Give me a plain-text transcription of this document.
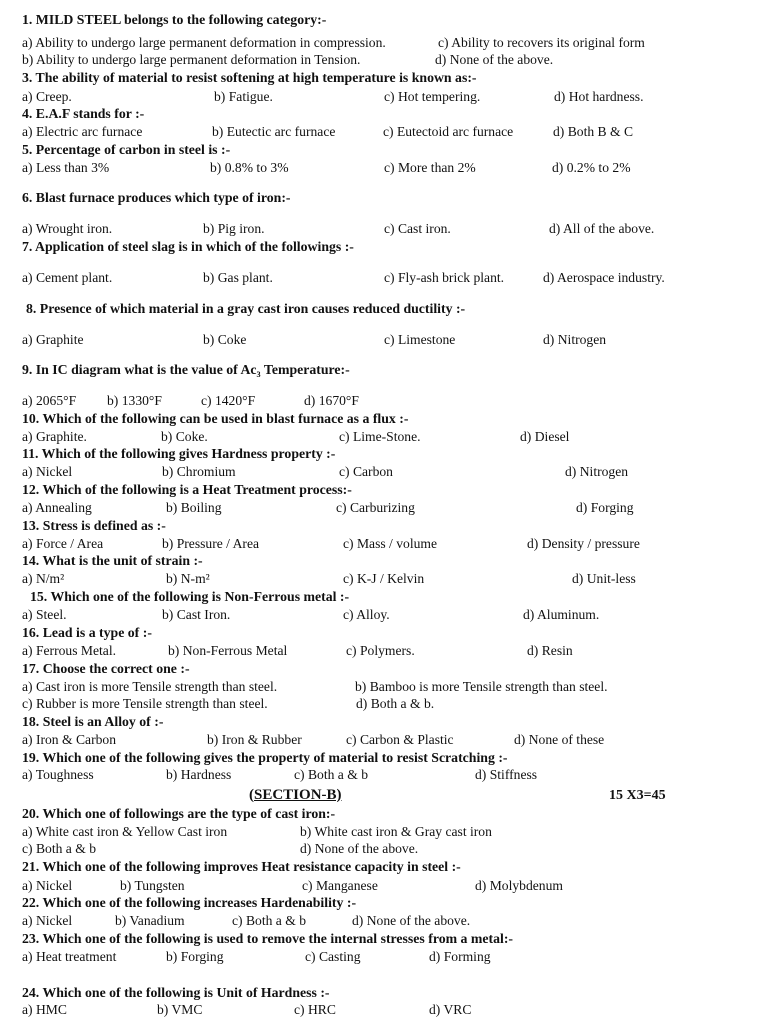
1. MILD STEEL belongs to the following category:-
a) Ability to undergo large permanent deformation in compression.	c) Ability to recovers its original form
b) Ability to undergo large permanent deformation in Tension.	d) None of the above.
3. The ability of material to resist softening at high temperature is known as:-
a) Creep.	b) Fatigue.	c) Hot tempering.	d) Hot hardness.
4. E.A.F stands for :-
a) Electric arc furnace	b) Eutectic arc furnace	c) Eutectoid arc furnace	d) Both B & C
5. Percentage of carbon in steel is :-
a) Less than 3%	b) 0.8% to 3%	c) More than 2%	d) 0.2% to 2%
6. Blast furnace produces which type of iron:-
a) Wrought iron.	b) Pig iron.	c) Cast iron.	d) All of the above.
7. Application of steel slag is in which of the followings :-
a) Cement plant.	b) Gas plant.	c) Fly-ash brick plant.	d) Aerospace industry.
8. Presence of which material in a gray cast iron causes reduced ductility :-
a) Graphite	b) Coke	c) Limestone	d) Nitrogen
9. In IC diagram what is the value of Ac₃ Temperature:-
a) 2065°F b) 1330°F	c) 1420°F	d) 1670°F
10. Which of the following can be used in blast furnace as a flux :-
a) Graphite.	b) Coke.	c) Lime-Stone.	d) Diesel
11. Which of the following gives Hardness property :-
a) Nickel	b) Chromium	c) Carbon	d) Nitrogen
12. Which of the following is a Heat Treatment process:-
a) Annealing	b) Boiling	c) Carburizing	d) Forging
13. Stress is defined as :-
a) Force / Area	b) Pressure / Area	c) Mass / volume	d) Density / pressure
14. What is the unit of strain :-
a) N/m²	b) N-m²	c) K-J / Kelvin	d) Unit-less
15. Which one of the following is Non-Ferrous metal :-
a) Steel.	b) Cast Iron.	c) Alloy.	d) Aluminum.
16. Lead is a type of :-
a) Ferrous Metal.	b) Non-Ferrous Metal	c) Polymers.	d) Resin
17. Choose the correct one :-
a) Cast iron is more Tensile strength than steel.	b) Bamboo is more Tensile strength than steel.
c) Rubber is more Tensile strength than steel.	d) Both a & b.
18. Steel is an Alloy of :-
a) Iron & Carbon	b) Iron & Rubber	c) Carbon & Plastic	d) None of these
19. Which one of the following gives the property of material to resist Scratching :-
a) Toughness	b) Hardness	c) Both a & b	d) Stiffness
(SECTION-B)	15 X3=45
20. Which one of followings are the type of cast iron:-
a) White cast iron & Yellow Cast iron	b) White cast iron & Gray cast iron
c) Both a & b	d) None of the above.
21. Which one of the following improves Heat resistance capacity in steel :-
a) Nickel	b) Tungsten	c) Manganese	d) Molybdenum
22. Which one of the following increases Hardenability :-
a) Nickel	b) Vanadium	c) Both a & b	d) None of the above.
23. Which one of the following is used to remove the internal stresses from a metal:-
a) Heat treatment	b) Forging	c) Casting	d) Forming
24. Which one of the following is Unit of Hardness :-
a) HMC	b) VMC	c) HRC	d) VRC
